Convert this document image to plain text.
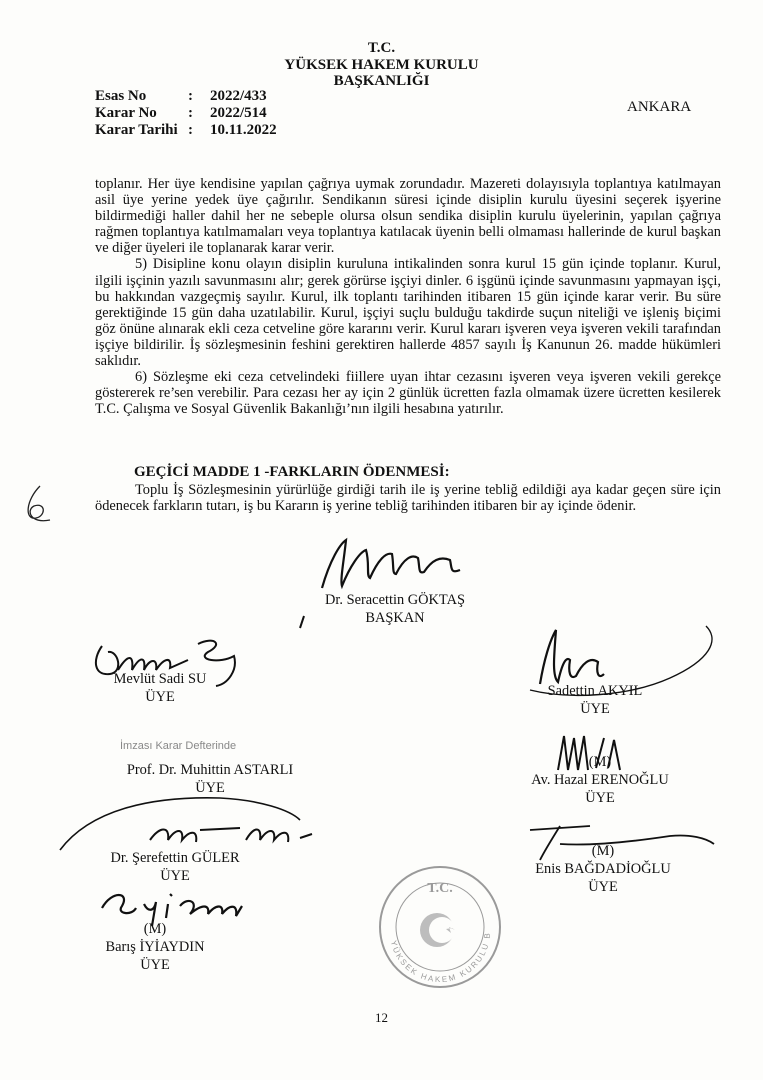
T.C.
YÜKSEK HAKEM KURULU
BAŞKANLIĞI
Esas No	:	2022/433
Karar No	:	2022/514
Karar Tarihi :	10.11.2022
ANKARA

toplanır. Her üye kendisine yapılan çağrıya uymak zorundadır. Mazereti dolayısıyla toplantıya katılmayan asil üye yerine yedek üye çağırılır. Sendikanın süresi içinde disiplin kurulu üyesini seçerek işyerine bildirmediği haller dahil her ne sebeple olursa olsun sendika disiplin kurulu üyelerinin, yapılan çağrıya rağmen toplantıya katılmamaları veya toplantıya katılacak üyenin belli olmaması hallerinde de kurul başkan ve diğer üyeleri ile toplanarak karar verir.

5) Disipline konu olayın disiplin kuruluna intikalinden sonra kurul 15 gün içinde toplanır. Kurul, ilgili işçinin yazılı savunmasını alır; gerek görürse işçiyi dinler. 6 işgünü içinde savunmasını yapmayan işçi, bu hakkından vazgeçmiş sayılır. Kurul, ilk toplantı tarihinden itibaren 15 gün içinde karar verir. Bu süre gerektiğinde 15 gün daha uzatılabilir. Kurul, işçiyi suçlu bulduğu takdirde suçun niteliği ve işleniş biçimi göz önüne alınarak ekli ceza cetveline göre kararını verir. Kurul kararı işveren veya işveren vekili tarafından işçiye bildirilir. İş sözleşmesinin feshini gerektiren hallerde 4857 sayılı İş Kanunun 26. madde hükümleri saklıdır.

6) Sözleşme eki ceza cetvelindeki fiillere uyan ihtar cezasını işveren veya işveren vekili gerekçe göstererek re’sen verebilir. Para cezası her ay için 2 günlük ücretten fazla olmamak üzere ücretten kesilerek T.C. Çalışma ve Sosyal Güvenlik Bakanlığı’nın ilgili hesabına yatırılır.

GEÇİCİ MADDE 1 -FARKLARIN ÖDENMESİ:

Toplu İş Sözleşmesinin yürürlüğe girdiği tarih ile iş yerine tebliğ edildiği aya kadar geçen süre için ödenecek farkların tutarı, iş bu Kararın iş yerine tebliğ tarihinden itibaren bir ay içinde ödenir.

Dr. Seracettin GÖKTAŞ
BAŞKAN
Mevlüt Sadi SU
ÜYE	Sadettin AKYIL
ÜYE
İmzası Karar Defterinde
Prof. Dr. Muhittin ASTARLI
ÜYE
(M)
Av. Hazal ERENOĞLU
ÜYE
Dr. Şerefettin GÜLER
ÜYE
(M)
Enis BAĞDADİOĞLU
ÜYE
(M)
Barış İYİAYDIN
ÜYE
T.C.
YÜKSEK HAKEM KURULU BAŞKANLIĞI
12
